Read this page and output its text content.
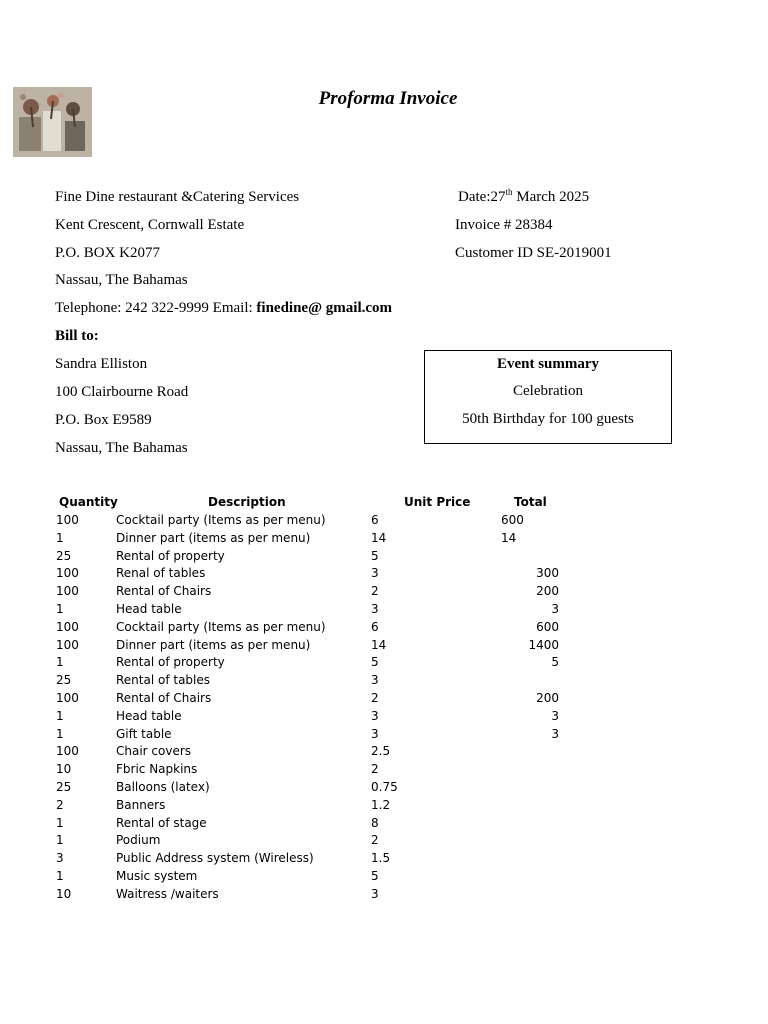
Proforma Invoice
Fine Dine restaurant &Catering Services
Kent Crescent, Cornwall Estate
P.O. BOX K2077
Nassau, The Bahamas
Telephone: 242 322-9999 Email: finedine@ gmail.com
Date:27th March 2025
Invoice # 28384
Customer ID SE-2019001
Bill to:
Sandra Elliston
100 Clairbourne Road
P.O. Box E9589
Nassau, The Bahamas
Event summary
Celebration
50th Birthday for 100 guests
Quantity	Description	Unit Price	Total
100	Cocktail party (Items as per menu)	6	600
1	Dinner part (items as per menu)	14	14
25	Rental of property	5
100	Renal of tables	3	300
100	Rental of Chairs	2	200
1	Head table	3	3
100	Cocktail party (Items as per menu)	6	600
100	Dinner part (items as per menu)	14	1400
1	Rental of property	5	5
25	Rental of tables	3
100	Rental of Chairs	2	200
1	Head table	3	3
1	Gift table	3	3
100	Chair covers	2.5
10	Fbric Napkins	2
25	Balloons (latex)	0.75
2	Banners	1.2
1	Rental of stage	8
1	Podium	2
3	Public Address system (Wireless)	1.5
1	Music system	5
10	Waitress /waiters	3
